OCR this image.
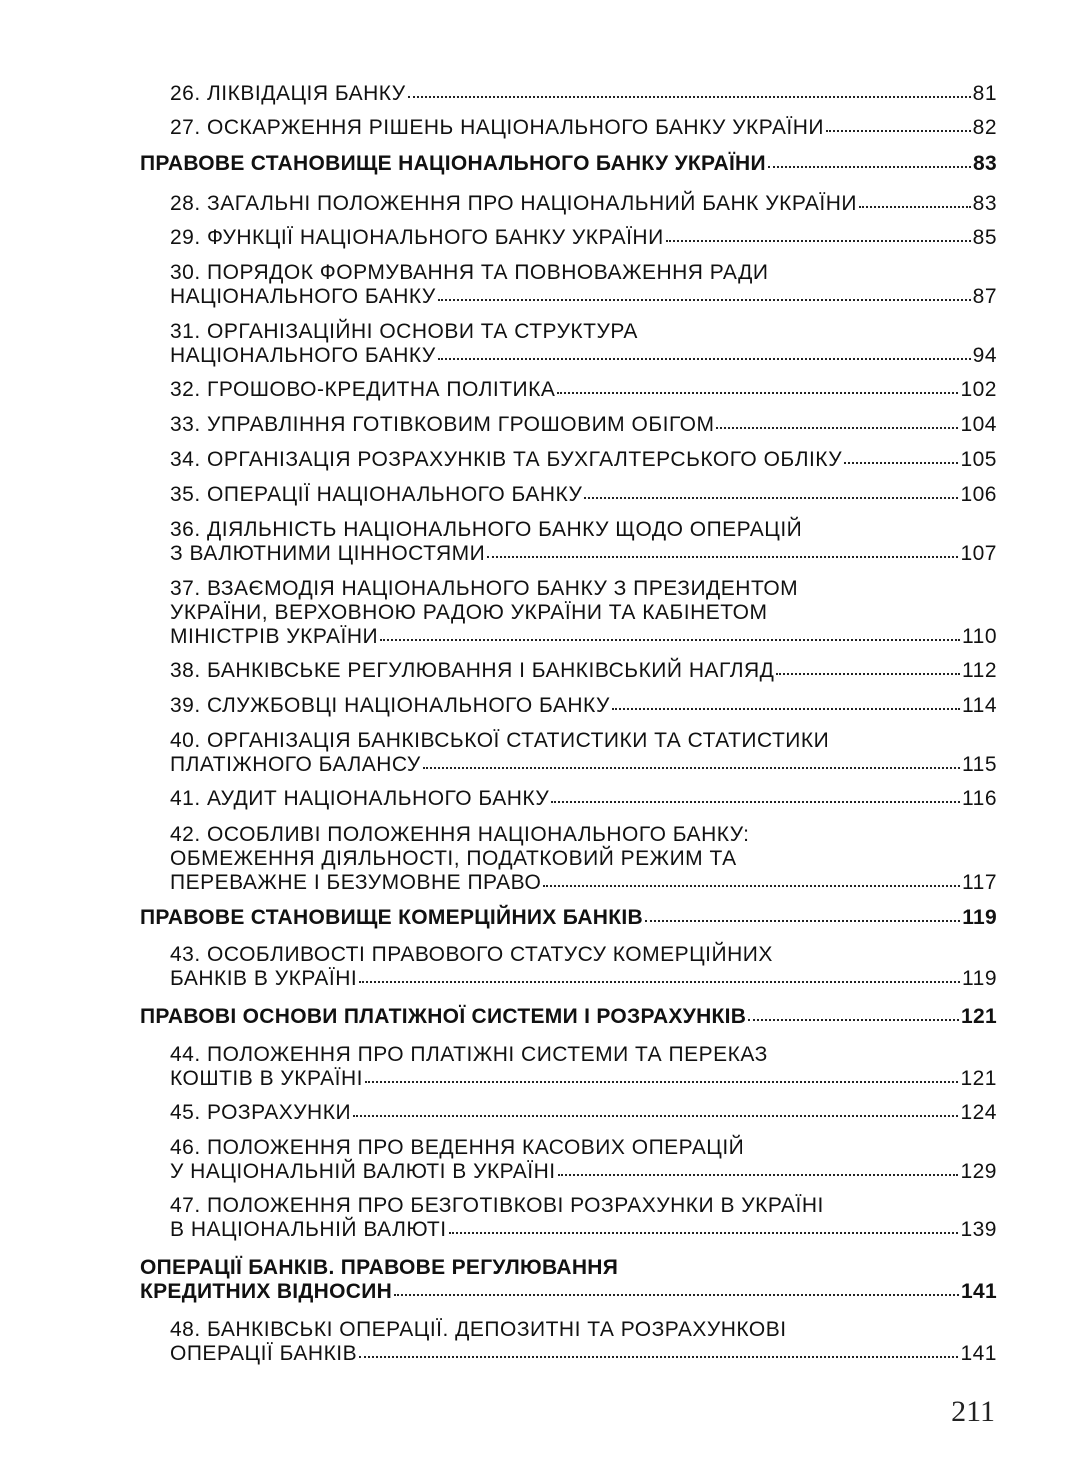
26. ЛІКВІДАЦІЯ БАНКУ	81
27. ОСКАРЖЕННЯ РІШЕНЬ НАЦІОНАЛЬНОГО БАНКУ УКРАЇНИ	82
ПРАВОВЕ СТАНОВИЩЕ НАЦІОНАЛЬНОГО БАНКУ УКРАЇНИ	83
28. ЗАГАЛЬНІ ПОЛОЖЕННЯ ПРО НАЦІОНАЛЬНИЙ БАНК УКРАЇНИ	83
29. ФУНКЦІЇ НАЦІОНАЛЬНОГО БАНКУ УКРАЇНИ	85
30. ПОРЯДОК ФОРМУВАННЯ ТА ПОВНОВАЖЕННЯ РАДИ
НАЦІОНАЛЬНОГО БАНКУ	87
31. ОРГАНІЗАЦІЙНІ ОСНОВИ ТА СТРУКТУРА
НАЦІОНАЛЬНОГО БАНКУ	94
32. ГРОШОВО-КРЕДИТНА ПОЛІТИКА	102
33. УПРАВЛІННЯ ГОТІВКОВИМ ГРОШОВИМ ОБІГОМ	104
34. ОРГАНІЗАЦІЯ РОЗРАХУНКІВ ТА БУХГАЛТЕРСЬКОГО ОБЛІКУ	105
35. ОПЕРАЦІЇ НАЦІОНАЛЬНОГО БАНКУ	106
36. ДІЯЛЬНІСТЬ НАЦІОНАЛЬНОГО БАНКУ ЩОДО ОПЕРАЦІЙ
З ВАЛЮТНИМИ ЦІННОСТЯМИ	107
37. ВЗАЄМОДІЯ НАЦІОНАЛЬНОГО БАНКУ З ПРЕЗИДЕНТОМ
УКРАЇНИ, ВЕРХОВНОЮ РАДОЮ УКРАЇНИ ТА КАБІНЕТОМ
МІНІСТРІВ УКРАЇНИ	110
38. БАНКІВСЬКЕ РЕГУЛЮВАННЯ І БАНКІВСЬКИЙ НАГЛЯД	112
39. СЛУЖБОВЦІ НАЦІОНАЛЬНОГО БАНКУ	114
40. ОРГАНІЗАЦІЯ БАНКІВСЬКОЇ СТАТИСТИКИ ТА СТАТИСТИКИ
ПЛАТІЖНОГО БАЛАНСУ	115
41. АУДИТ НАЦІОНАЛЬНОГО БАНКУ	116
42. ОСОБЛИВІ ПОЛОЖЕННЯ НАЦІОНАЛЬНОГО БАНКУ:
ОБМЕЖЕННЯ ДІЯЛЬНОСТІ, ПОДАТКОВИЙ РЕЖИМ ТА
ПЕРЕВАЖНЕ І БЕЗУМОВНЕ ПРАВО	117
ПРАВОВЕ СТАНОВИЩЕ КОМЕРЦІЙНИХ БАНКІВ	119
43. ОСОБЛИВОСТІ ПРАВОВОГО СТАТУСУ КОМЕРЦІЙНИХ
БАНКІВ В УКРАЇНІ	119
ПРАВОВІ ОСНОВИ ПЛАТІЖНОЇ СИСТЕМИ І РОЗРАХУНКІВ	121
44. ПОЛОЖЕННЯ ПРО ПЛАТІЖНІ СИСТЕМИ ТА ПЕРЕКАЗ
КОШТІВ В УКРАЇНІ	121
45. РОЗРАХУНКИ	124
46. ПОЛОЖЕННЯ ПРО ВЕДЕННЯ КАСОВИХ ОПЕРАЦІЙ
У НАЦІОНАЛЬНІЙ ВАЛЮТІ В УКРАЇНІ	129
47. ПОЛОЖЕННЯ ПРО БЕЗГОТІВКОВІ РОЗРАХУНКИ В УКРАЇНІ
В НАЦІОНАЛЬНІЙ ВАЛЮТІ	139
ОПЕРАЦІЇ БАНКІВ. ПРАВОВЕ РЕГУЛЮВАННЯ
КРЕДИТНИХ ВІДНОСИН	141
48. БАНКІВСЬКІ ОПЕРАЦІЇ. ДЕПОЗИТНІ ТА РОЗРАХУНКОВІ
ОПЕРАЦІЇ БАНКІВ	141
211
